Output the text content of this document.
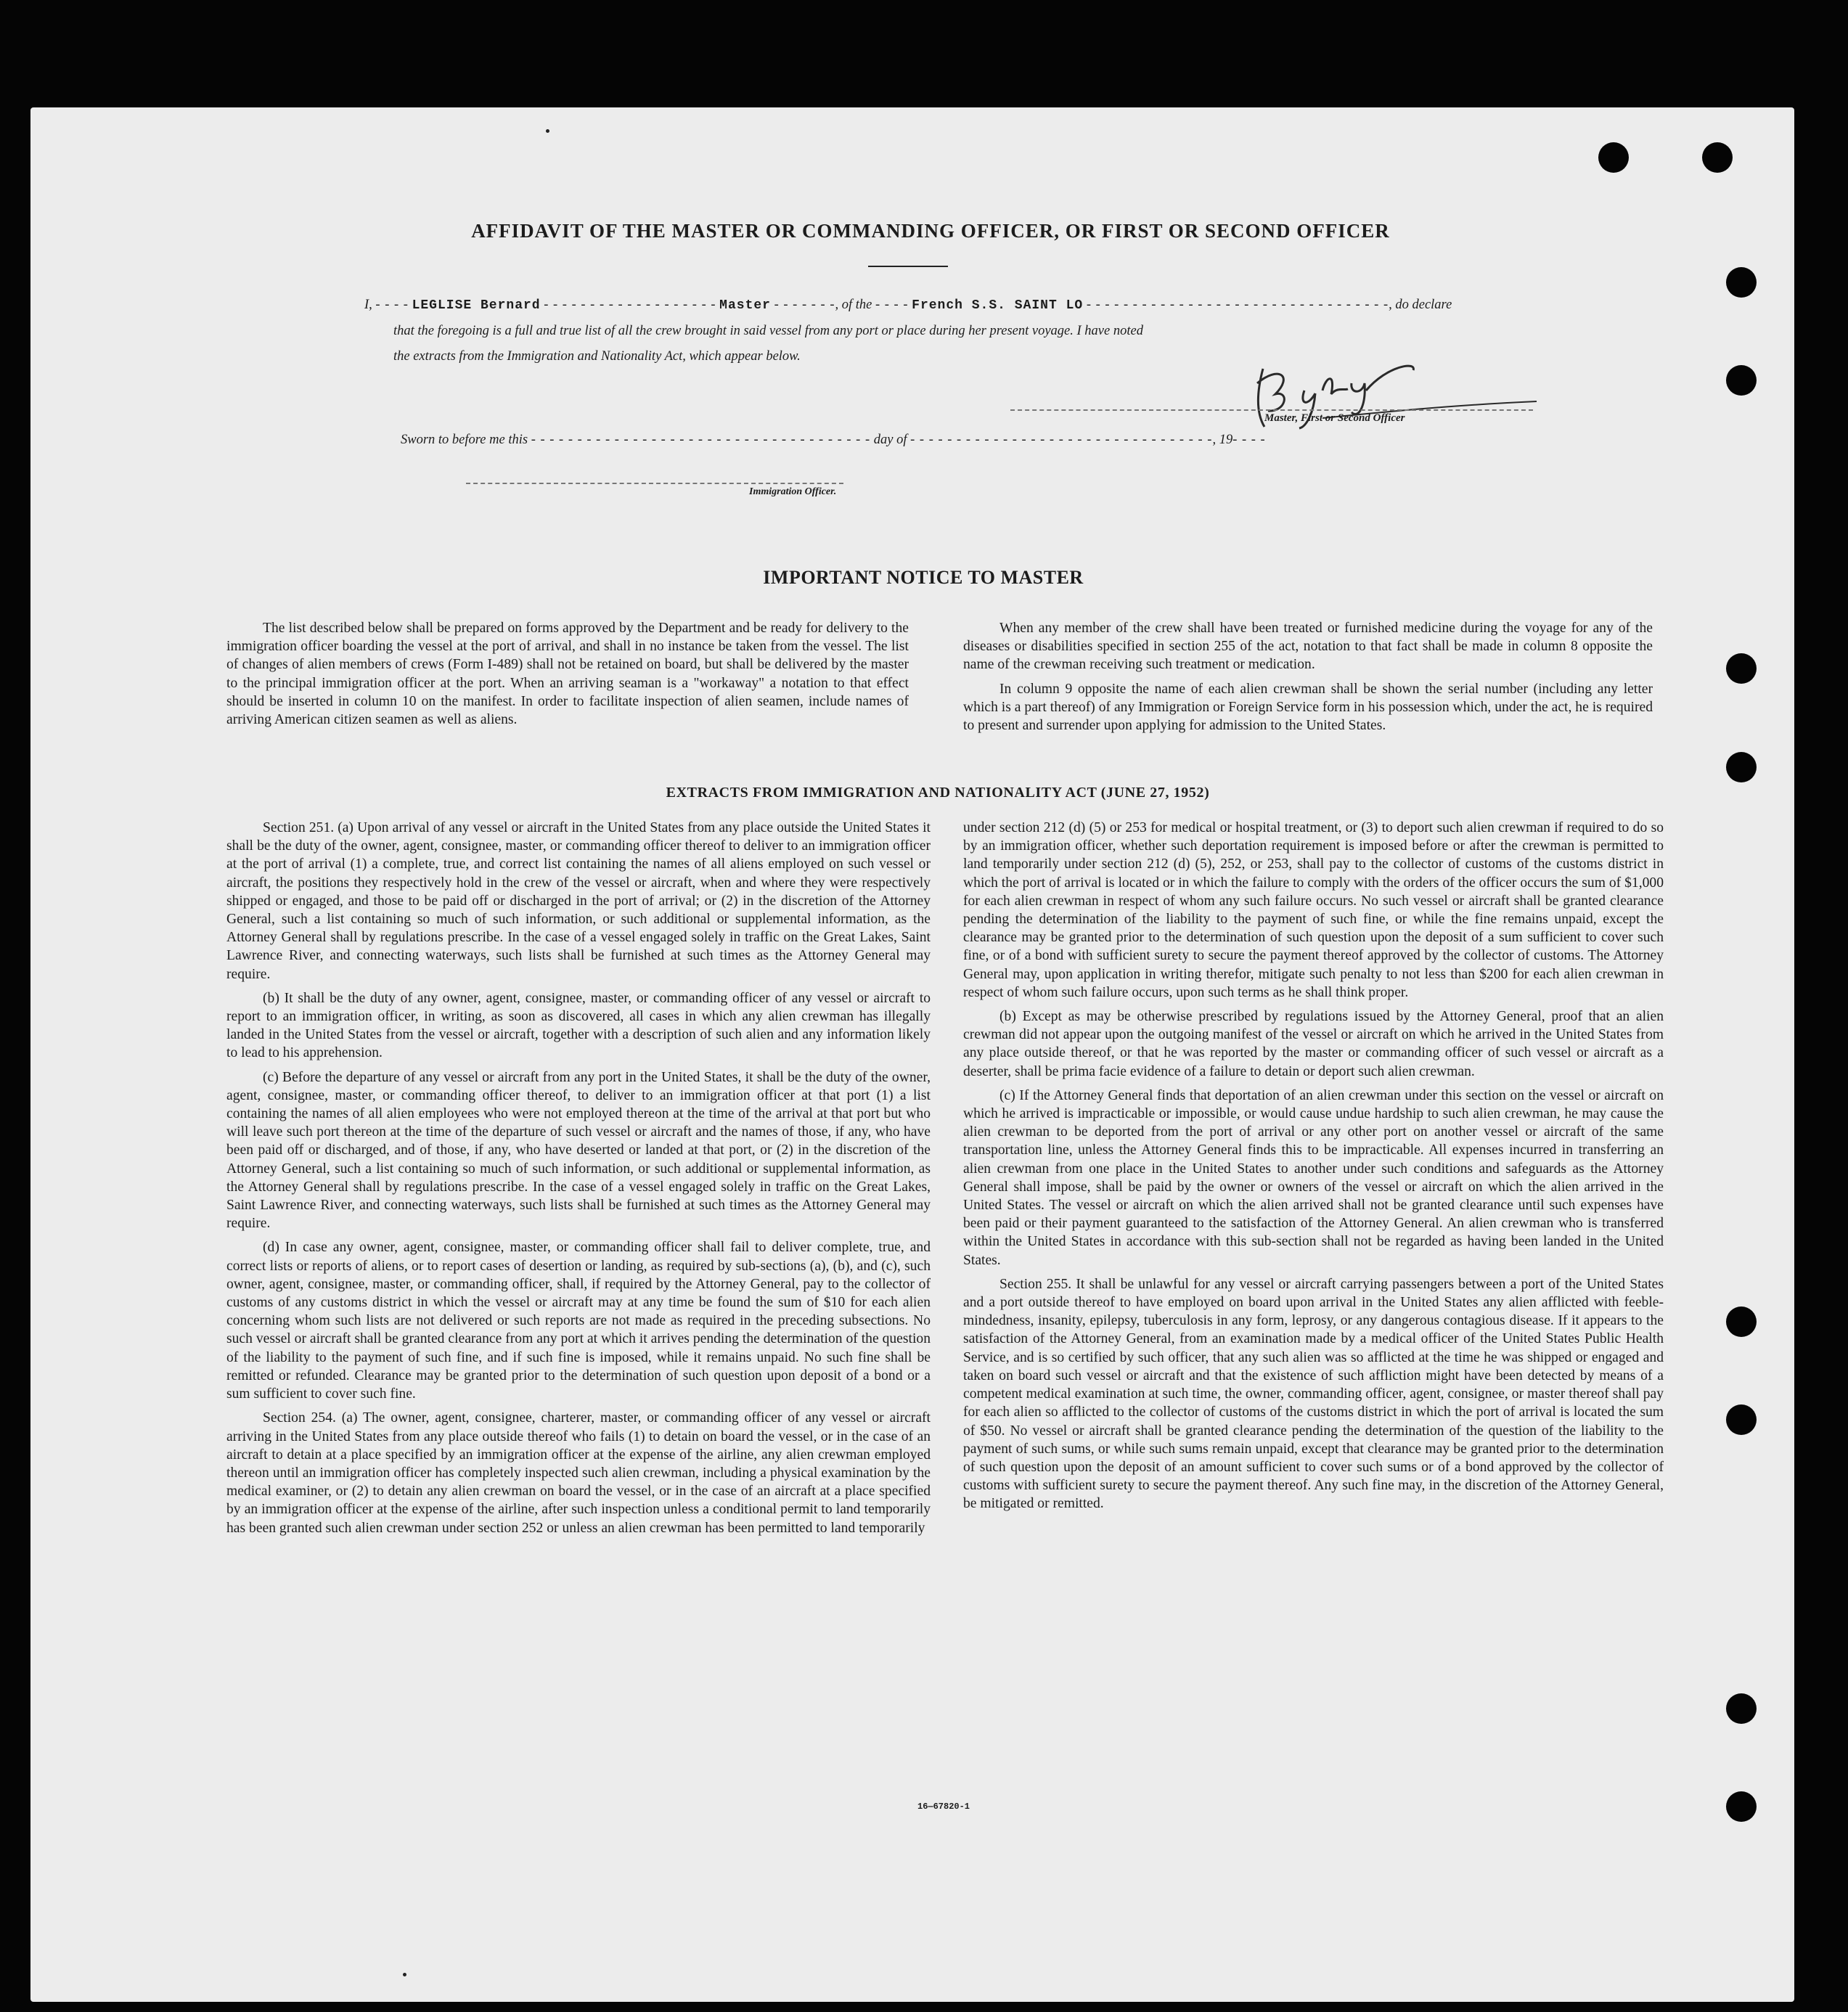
AFFIDAVIT OF THE MASTER OR COMMANDING OFFICER, OR FIRST OR SECOND OFFICER
I, - - - - LEGLISE Bernard - - - - - - - - - - - - - - - - - - - Master - - - - - - -, of the - - - - French S.S. SAINT LO - - - - - - - - - - - - - - - - - - - - - - - - - - - - - - - - -, do declare
that the foregoing is a full and true list of all the crew brought in said vessel from any port or place during her present voyage. I have noted
the extracts from the Immigration and Nationality Act, which appear below.
Master, First or Second Officer
Sworn to before me this - - - - - - - - - - - - - - - - - - - - - - - - - - - - - - - - - - - - - day of - - - - - - - - - - - - - - - - - - - - - - - - - - - - - - - - -, 19- - - -
Immigration Officer.
IMPORTANT NOTICE TO MASTER

The list described below shall be prepared on forms approved by the Department and be ready for delivery to the immigration officer boarding the vessel at the port of arrival, and shall in no instance be taken from the vessel. The list of changes of alien members of crews (Form I-489) shall not be retained on board, but shall be delivered by the master to the principal immigration officer at the port. When an arriving seaman is a "workaway" a notation to that effect should be inserted in column 10 on the manifest. In order to facilitate inspection of alien seamen, include names of arriving American citizen seamen as well as aliens.

When any member of the crew shall have been treated or furnished medicine during the voyage for any of the diseases or disabilities specified in section 255 of the act, notation to that fact shall be made in column 8 opposite the name of the crewman receiving such treatment or medication.

In column 9 opposite the name of each alien crewman shall be shown the serial number (including any letter which is a part thereof) of any Immigration or Foreign Service form in his possession which, under the act, he is required to present and surrender upon applying for admission to the United States.

EXTRACTS FROM IMMIGRATION AND NATIONALITY ACT (JUNE 27, 1952)

Section 251. (a) Upon arrival of any vessel or aircraft in the United States from any place outside the United States it shall be the duty of the owner, agent, consignee, master, or commanding officer thereof to deliver to an immigration officer at the port of arrival (1) a complete, true, and correct list containing the names of all aliens employed on such vessel or aircraft, the positions they respectively hold in the crew of the vessel or aircraft, when and where they were respectively shipped or engaged, and those to be paid off or discharged in the port of arrival; or (2) in the discretion of the Attorney General, such a list containing so much of such information, or such additional or supplemental information, as the Attorney General shall by regulations prescribe. In the case of a vessel engaged solely in traffic on the Great Lakes, Saint Lawrence River, and connecting waterways, such lists shall be furnished at such times as the Attorney General may require.

(b) It shall be the duty of any owner, agent, consignee, master, or commanding officer of any vessel or aircraft to report to an immigration officer, in writing, as soon as discovered, all cases in which any alien crewman has illegally landed in the United States from the vessel or aircraft, together with a description of such alien and any information likely to lead to his apprehension.

(c) Before the departure of any vessel or aircraft from any port in the United States, it shall be the duty of the owner, agent, consignee, master, or commanding officer thereof, to deliver to an immigration officer at that port (1) a list containing the names of all alien employees who were not employed thereon at the time of the arrival at that port but who will leave such port thereon at the time of the departure of such vessel or aircraft and the names of those, if any, who have been paid off or discharged, and of those, if any, who have deserted or landed at that port, or (2) in the discretion of the Attorney General, such a list containing so much of such information, or such additional or supplemental information, as the Attorney General shall by regulations prescribe. In the case of a vessel engaged solely in traffic on the Great Lakes, Saint Lawrence River, and connecting waterways, such lists shall be furnished at such times as the Attorney General may require.

(d) In case any owner, agent, consignee, master, or commanding officer shall fail to deliver complete, true, and correct lists or reports of aliens, or to report cases of desertion or landing, as required by sub-sections (a), (b), and (c), such owner, agent, consignee, master, or commanding officer, shall, if required by the Attorney General, pay to the collector of customs of any customs district in which the vessel or aircraft may at any time be found the sum of $10 for each alien concerning whom such lists are not delivered or such reports are not made as required in the preceding subsections. No such vessel or aircraft shall be granted clearance from any port at which it arrives pending the determination of the question of the liability to the payment of such fine, and if such fine is imposed, while it remains unpaid. No such fine shall be remitted or refunded. Clearance may be granted prior to the determination of such question upon deposit of a bond or a sum sufficient to cover such fine.

Section 254. (a) The owner, agent, consignee, charterer, master, or commanding officer of any vessel or aircraft arriving in the United States from any place outside thereof who fails (1) to detain on board the vessel, or in the case of an aircraft to detain at a place specified by an immigration officer at the expense of the airline, any alien crewman employed thereon until an immigration officer has completely inspected such alien crewman, including a physical examination by the medical examiner, or (2) to detain any alien crewman on board the vessel, or in the case of an aircraft at a place specified by an immigration officer at the expense of the airline, after such inspection unless a conditional permit to land temporarily has been granted such alien crewman under section 252 or unless an alien crewman has been permitted to land temporarily

under section 212 (d) (5) or 253 for medical or hospital treatment, or (3) to deport such alien crewman if required to do so by an immigration officer, whether such deportation requirement is imposed before or after the crewman is permitted to land temporarily under section 212 (d) (5), 252, or 253, shall pay to the collector of customs of the customs district in which the port of arrival is located or in which the failure to comply with the orders of the officer occurs the sum of $1,000 for each alien crewman in respect of whom any such failure occurs. No such vessel or aircraft shall be granted clearance pending the determination of the liability to the payment of such fine, or while the fine remains unpaid, except the clearance may be granted prior to the determination of such question upon the deposit of a sum sufficient to cover such fine, or of a bond with sufficient surety to secure the payment thereof approved by the collector of customs. The Attorney General may, upon application in writing therefor, mitigate such penalty to not less than $200 for each alien crewman in respect of whom such failure occurs, upon such terms as he shall think proper.

(b) Except as may be otherwise prescribed by regulations issued by the Attorney General, proof that an alien crewman did not appear upon the outgoing manifest of the vessel or aircraft on which he arrived in the United States from any place outside thereof, or that he was reported by the master or commanding officer of such vessel or aircraft as a deserter, shall be prima facie evidence of a failure to detain or deport such alien crewman.

(c) If the Attorney General finds that deportation of an alien crewman under this section on the vessel or aircraft on which he arrived is impracticable or impossible, or would cause undue hardship to such alien crewman, he may cause the alien crewman to be deported from the port of arrival or any other port on another vessel or aircraft of the same transportation line, unless the Attorney General finds this to be impracticable. All expenses incurred in transferring an alien crewman from one place in the United States to another under such conditions and safeguards as the Attorney General shall impose, shall be paid by the owner or owners of the vessel or aircraft on which the alien arrived in the United States. The vessel or aircraft on which the alien arrived shall not be granted clearance until such expenses have been paid or their payment guaranteed to the satisfaction of the Attorney General. An alien crewman who is transferred within the United States in accordance with this sub-section shall not be regarded as having been landed in the United States.

Section 255. It shall be unlawful for any vessel or aircraft carrying passengers between a port of the United States and a port outside thereof to have employed on board upon arrival in the United States any alien afflicted with feeble-mindedness, insanity, epilepsy, tuberculosis in any form, leprosy, or any dangerous contagious disease. If it appears to the satisfaction of the Attorney General, from an examination made by a medical officer of the United States Public Health Service, and is so certified by such officer, that any such alien was so afflicted at the time he was shipped or engaged and taken on board such vessel or aircraft and that the existence of such affliction might have been detected by means of a competent medical examination at such time, the owner, commanding officer, agent, consignee, or master thereof shall pay for each alien so afflicted to the collector of customs of the customs district in which the port of arrival is located the sum of $50. No vessel or aircraft shall be granted clearance pending the determination of the question of the liability to the payment of such sums, or while such sums remain unpaid, except that clearance may be granted prior to the determination of such question upon the deposit of an amount sufficient to cover such sums or of a bond approved by the collector of customs with sufficient surety to secure the payment thereof. Any such fine may, in the discretion of the Attorney General, be mitigated or remitted.

16—67820-1
